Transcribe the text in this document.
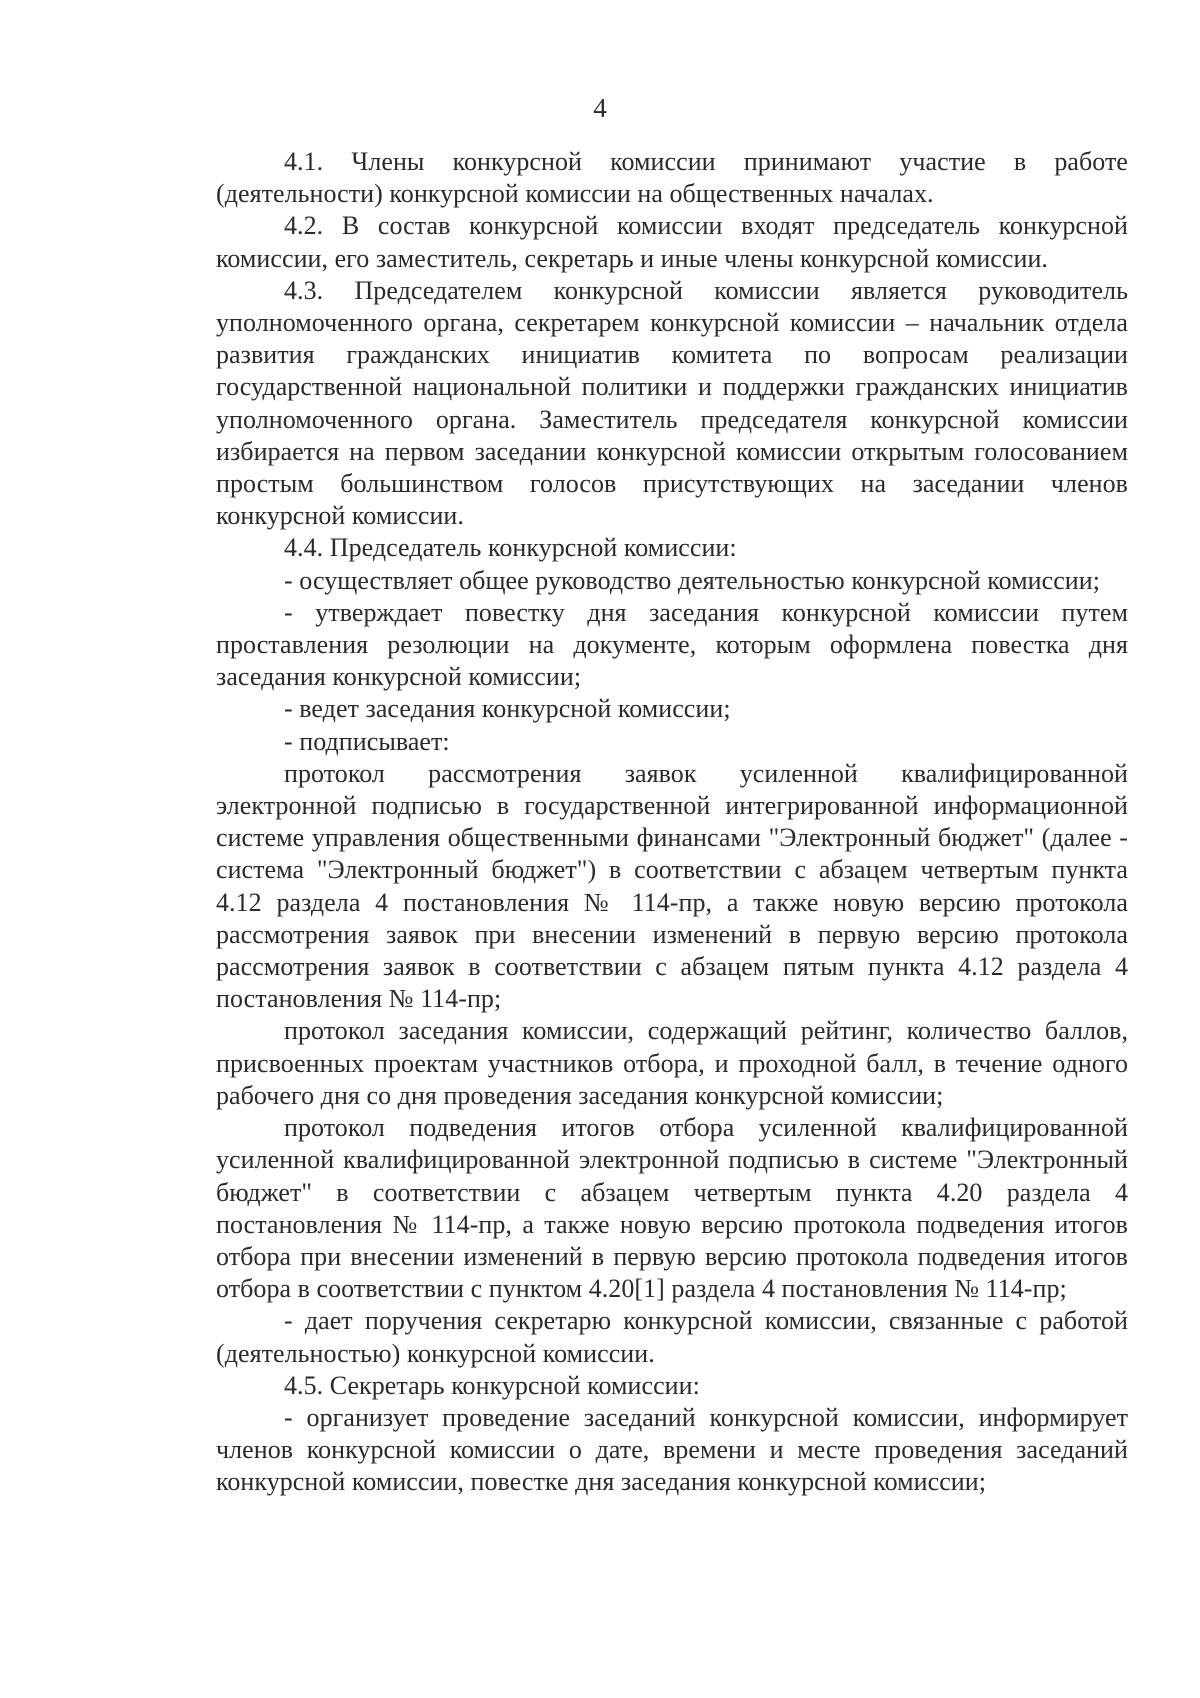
4

4.1. Члены конкурсной комиссии принимают участие в работе (деятельности) конкурсной комиссии на общественных началах.

4.2. В состав конкурсной комиссии входят председатель конкурсной комиссии, его заместитель, секретарь и иные члены конкурсной комиссии.

4.3. Председателем конкурсной комиссии является руководитель уполномоченного органа, секретарем конкурсной комиссии – начальник отдела развития гражданских инициатив комитета по вопросам реализации государственной национальной политики и поддержки гражданских инициатив уполномоченного органа. Заместитель председателя конкурсной комиссии избирается на первом заседании конкурсной комиссии открытым голосованием простым большинством голосов присутствующих на заседании членов конкурсной комиссии.

4.4. Председатель конкурсной комиссии:

- осуществляет общее руководство деятельностью конкурсной комиссии;

- утверждает повестку дня заседания конкурсной комиссии путем проставления резолюции на документе, которым оформлена повестка дня заседания конкурсной комиссии;

- ведет заседания конкурсной комиссии;

- подписывает:

протокол рассмотрения заявок усиленной квалифицированной электронной подписью в государственной интегрированной информационной системе управления общественными финансами "Электронный бюджет" (далее - система "Электронный бюджет") в соответствии с абзацем четвертым пункта 4.12 раздела 4 постановления № 114-пр, а также новую версию протокола рассмотрения заявок при внесении изменений в первую версию протокола рассмотрения заявок в соответствии с абзацем пятым пункта 4.12 раздела 4 постановления № 114-пр;

протокол заседания комиссии, содержащий рейтинг, количество баллов, присвоенных проектам участников отбора, и проходной балл, в течение одного рабочего дня со дня проведения заседания конкурсной комиссии;

протокол подведения итогов отбора усиленной квалифицированной усиленной квалифицированной электронной подписью в системе "Электронный бюджет" в соответствии с абзацем четвертым пункта 4.20 раздела 4 постановления № 114-пр, а также новую версию протокола подведения итогов отбора при внесении изменений в первую версию протокола подведения итогов отбора в соответствии с пунктом 4.20[1] раздела 4 постановления № 114-пр;

- дает поручения секретарю конкурсной комиссии, связанные с работой (деятельностью) конкурсной комиссии.

4.5. Секретарь конкурсной комиссии:

- организует проведение заседаний конкурсной комиссии, информирует членов конкурсной комиссии о дате, времени и месте проведения заседаний конкурсной комиссии, повестке дня заседания конкурсной комиссии;
